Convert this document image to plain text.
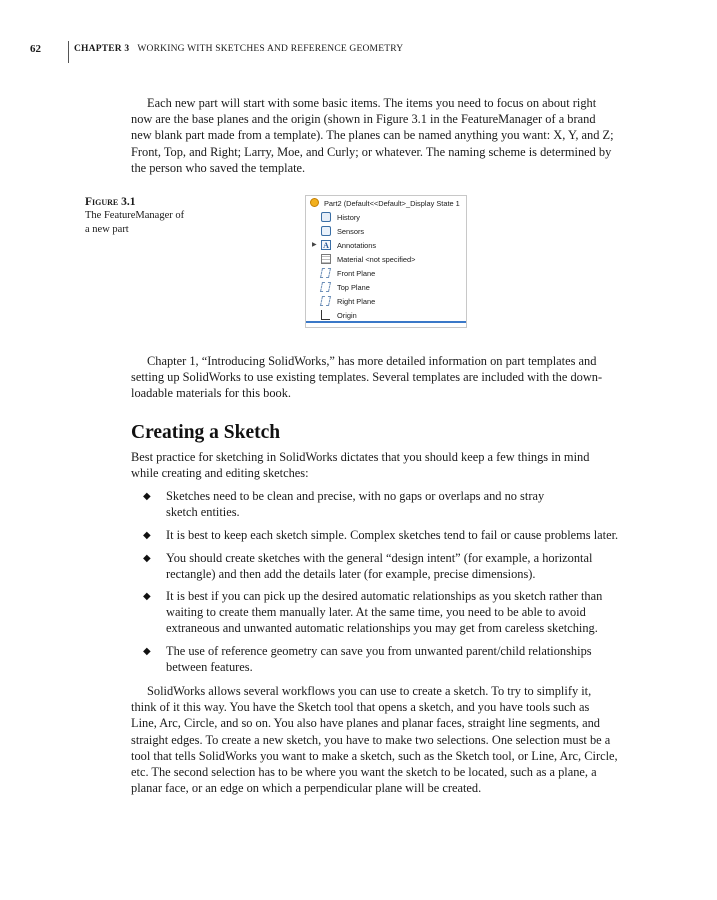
62	CHAPTER 3 WORKING WITH SKETCHES AND REFERENCE GEOMETRY

Each new part will start with some basic items. The items you need to focus on about right
now are the base planes and the origin (shown in Figure 3.1 in the FeatureManager of a brand
new blank part made from a template). The planes can be named anything you want: X, Y, and Z;
Front, Top, and Right; Larry, Moe, and Curly; or whatever. The naming scheme is determined by
the person who saved the template.

Figure 3.1
The FeatureManager of
a new part
Part2 (Default<<Default>_Display State 1
History
Sensors
▶ A Annotations
Material <not specified>
Front Plane
Top Plane
Right Plane
Origin

Chapter 1, “Introducing SolidWorks,” has more detailed information on part templates and
setting up SolidWorks to use existing templates. Several templates are included with the down-
loadable materials for this book.

Creating a Sketch

Best practice for sketching in SolidWorks dictates that you should keep a few things in mind
while creating and editing sketches:

◆ Sketches need to be clean and precise, with no gaps or overlaps and no stray
sketch entities.
◆ It is best to keep each sketch simple. Complex sketches tend to fail or cause problems later.
◆ You should create sketches with the general “design intent” (for example, a horizontal
rectangle) and then add the details later (for example, precise dimensions).
◆ It is best if you can pick up the desired automatic relationships as you sketch rather than
waiting to create them manually later. At the same time, you need to be able to avoid
extraneous and unwanted automatic relationships you may get from careless sketching.
◆ The use of reference geometry can save you from unwanted parent/child relationships
between features.

SolidWorks allows several workflows you can use to create a sketch. To try to simplify it,
think of it this way. You have the Sketch tool that opens a sketch, and you have tools such as
Line, Arc, Circle, and so on. You also have planes and planar faces, straight line segments, and
straight edges. To create a new sketch, you have to make two selections. One selection must be a
tool that tells SolidWorks you want to make a sketch, such as the Sketch tool, or Line, Arc, Circle,
etc. The second selection has to be where you want the sketch to be located, such as a plane, a
planar face, or an edge on which a perpendicular plane will be created.
